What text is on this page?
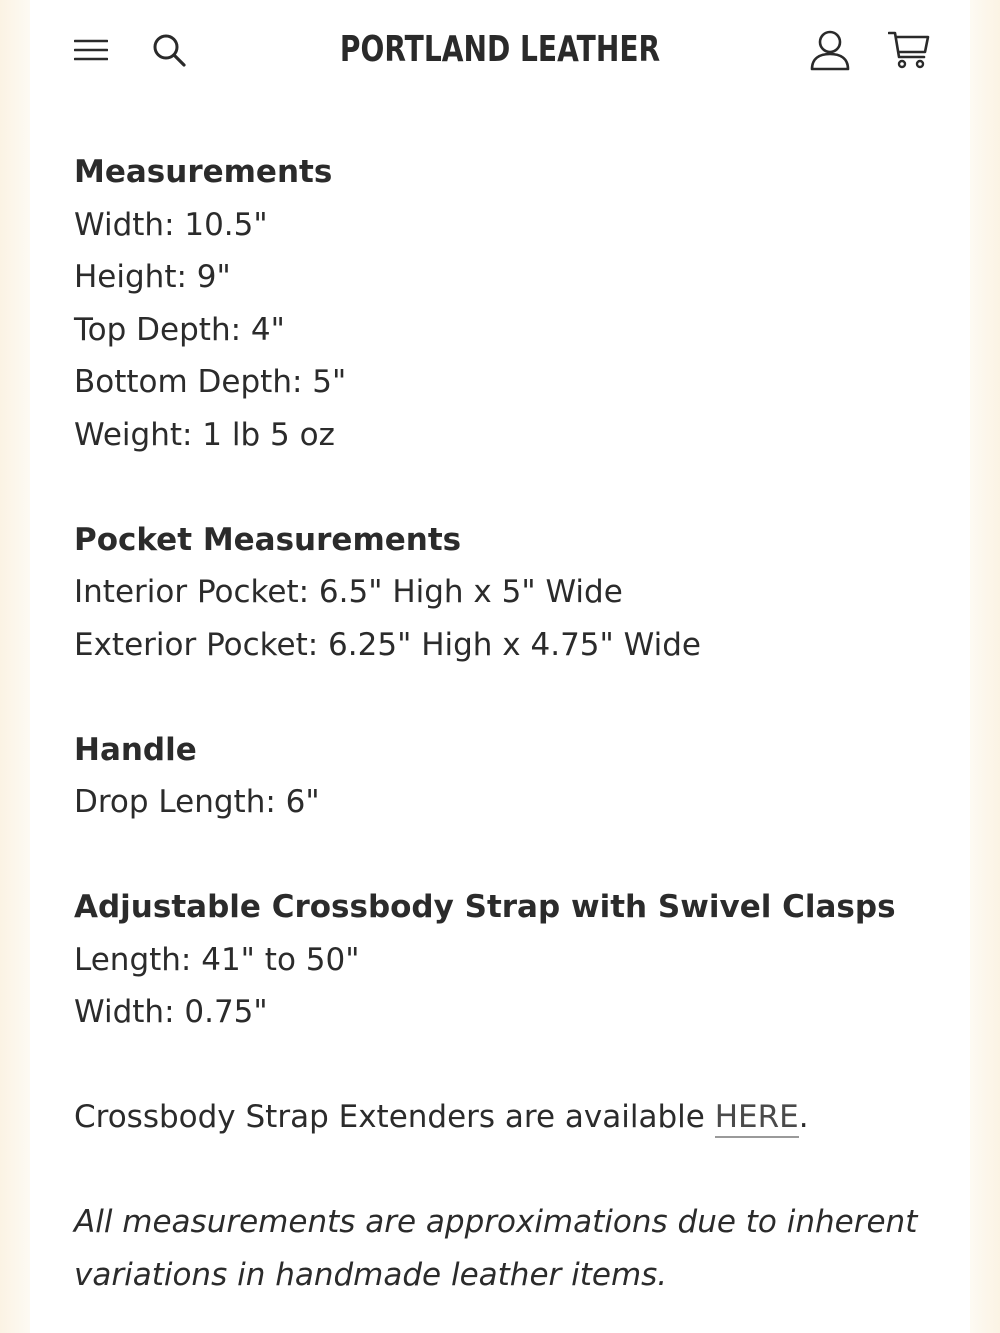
PORTLAND LEATHER
Measurements
Width: 10.5"
Height: 9"
Top Depth: 4"
Bottom Depth: 5"
Weight: 1 lb 5 oz
Pocket Measurements
Interior Pocket: 6.5" High x 5" Wide
Exterior Pocket: 6.25" High x 4.75" Wide
Handle
Drop Length: 6"
Adjustable Crossbody Strap with Swivel Clasps
Length: 41" to 50"
Width: 0.75"
Crossbody Strap Extenders are available HERE.
All measurements are approximations due to inherent
variations in handmade leather items.
